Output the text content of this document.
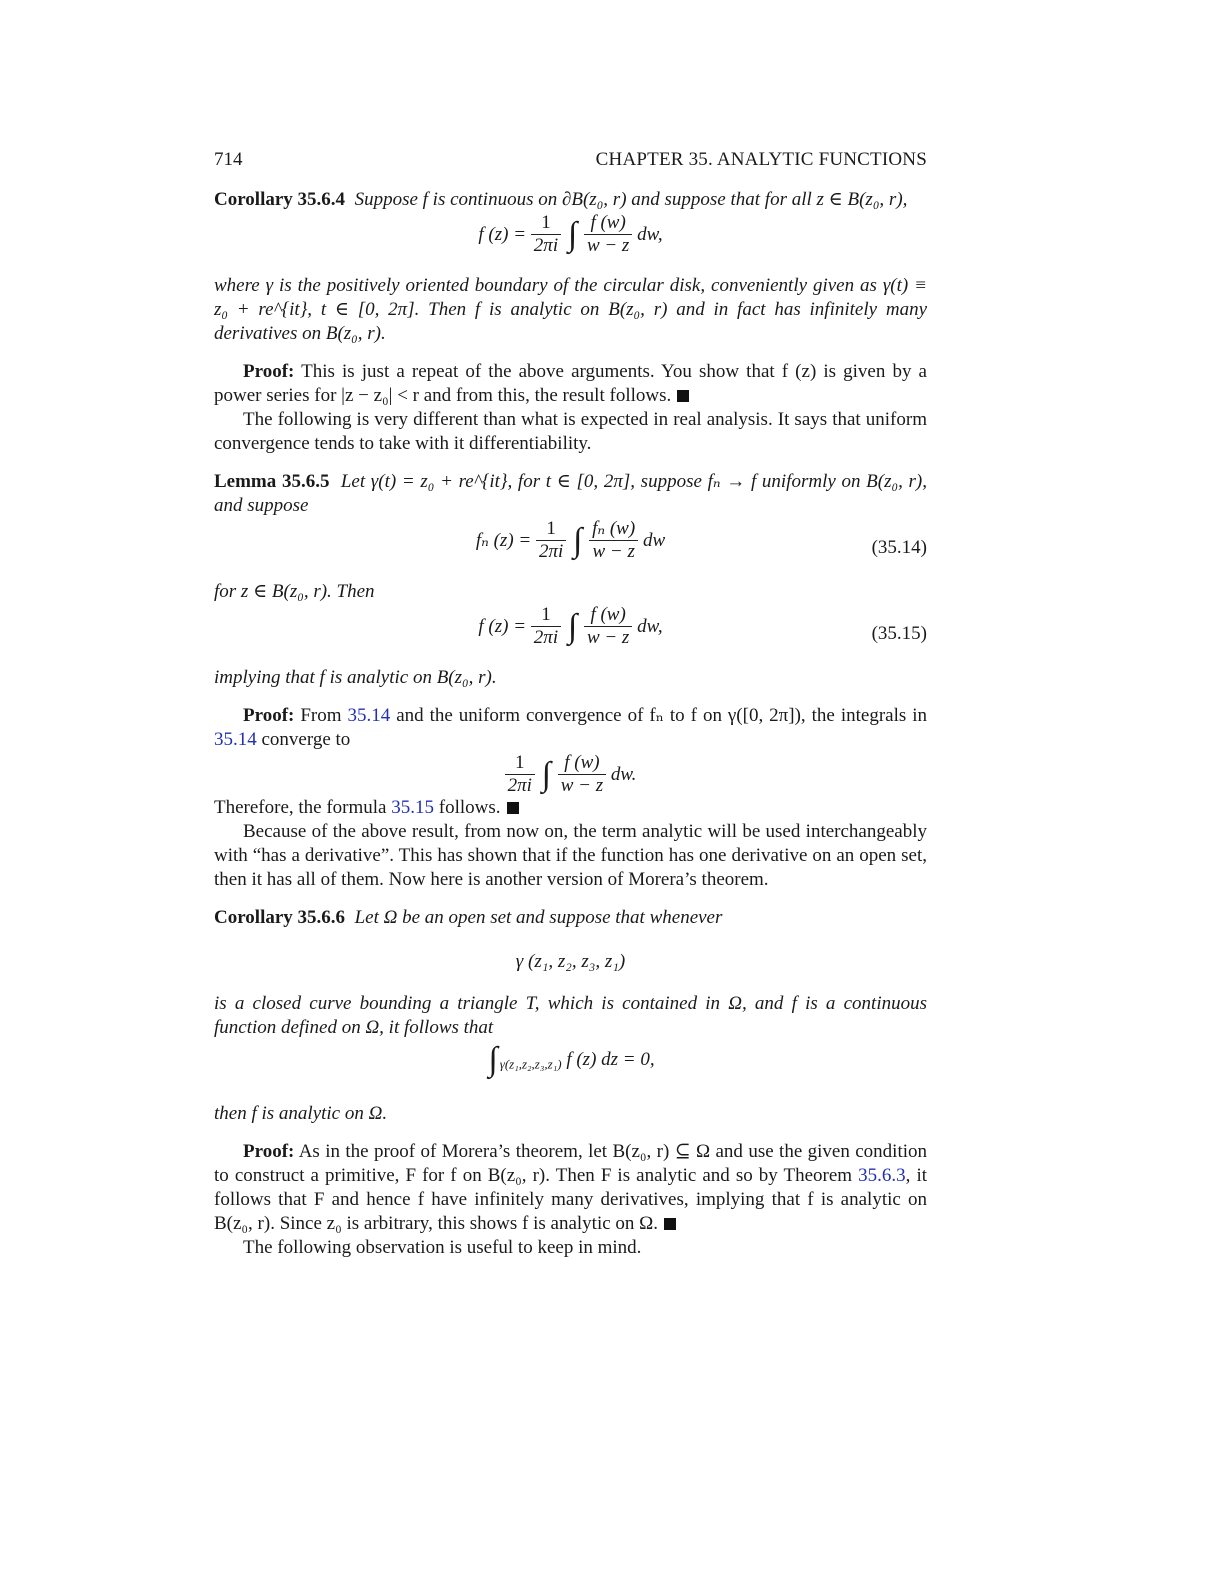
714	CHAPTER 35. ANALYTIC FUNCTIONS

Corollary 35.6.4 Suppose f is continuous on ∂B(z₀, r) and suppose that for all z ∈ B(z₀, r),

f $(z) = \frac{1}{2\pi i}$ ∫ $\frac{f (w)}{w - z}$ dw,

where γ is the positively oriented boundary of the circular disk, conveniently given as γ(t) ≡ z₀ + re^{it}, t ∈ [0, 2π]. Then f is analytic on B(z₀, r) and in fact has infinitely many derivatives on B(z₀, r).

Proof: This is just a repeat of the above arguments. You show that f (z) is given by a power series for |z − z₀| < r and from this, the result follows.

The following is very different than what is expected in real analysis. It says that uniform convergence tends to take with it differentiability.

Lemma 35.6.5 Let γ(t) = z₀ + re^{it}, for t ∈ [0, 2π], suppose fₙ → f uniformly on B(z₀, r), and suppose

fₙ $(z) = \frac{1}{2\pi i}$ ∫ $\frac{\text{fₙ (w)}}{w - z}$ dw	(35.14)

for z ∈ B(z₀, r). Then

f $(z) = \frac{1}{2\pi i}$ ∫ $\frac{f (w)}{w - z}$ dw,	(35.15)

implying that f is analytic on B(z₀, r).

Proof: From 35.14 and the uniform convergence of fₙ to f on γ([0, 2π]), the integrals in 35.14 converge to

$\frac{1}{2\pi i}$ ∫ $\frac{f (w)}{w - z}$ dw.

Therefore, the formula 35.15 follows.

Because of the above result, from now on, the term analytic will be used interchangeably with “has a derivative”. This has shown that if the function has one derivative on an open set, then it has all of them. Now here is another version of Morera’s theorem.

Corollary 35.6.6 Let Ω be an open set and suppose that whenever

γ (z₁, z₂, z₃, z₁)

is a closed curve bounding a triangle T, which is contained in Ω, and f is a continuous function defined on Ω, it follows that

∫ $_{\gamma(z_1,z_2,z_3,z_1)}$ f (z) dz = 0,

then f is analytic on Ω.

Proof: As in the proof of Morera’s theorem, let B(z₀, r) ⊆ Ω and use the given condition to construct a primitive, F for f on B(z₀, r). Then F is analytic and so by Theorem 35.6.3, it follows that F and hence f have infinitely many derivatives, implying that f is analytic on B(z₀, r). Since z₀ is arbitrary, this shows f is analytic on Ω.

The following observation is useful to keep in mind.
